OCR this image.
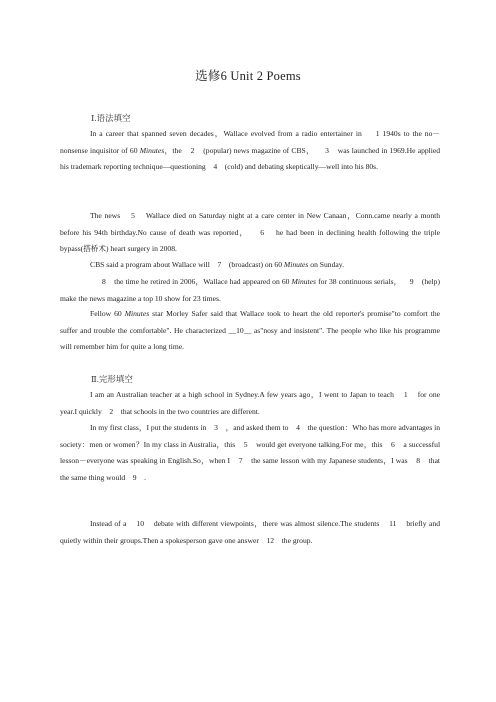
选修6 Unit 2 Poems
Ⅰ.语法填空
In a career that spanned seven decades，Wallace evolved from a radio entertainer in 1 1940s to the no－nonsense inquisitor of 60 Minutes，the 2 (popular) news magazine of CBS， 3 was launched in 1969.He applied his trademark reporting technique—questioning 4 (cold) and debating skeptically—well into his 80s.
The news 5 Wallace died on Saturday night at a care center in New Canaan，Conn.came nearly a month before his 94th birthday.No cause of death was reported， 6 he had been in declining health following the triple bypass(搭桥术) heart surgery in 2008.
CBS said a program about Wallace will 7 (broadcast) on 60 Minutes on Sunday.
8 the time he retired in 2006，Wallace had appeared on 60 Minutes for 38 continuous serials， 9 (help) make the news magazine a top 10 show for 23 times.
Fellow 60 Minutes star Morley Safer said that Wallace took to heart the old reporter's promise"to comfort the suffer and trouble the comfortable". He characterized __10__ as"nosy and insistent". The people who like his programme will remember him for quite a long time.
Ⅱ.完形填空
I am an Australian teacher at a high school in Sydney.A few years ago，I went to Japan to teach 1 for one year.I quickly 2 that schools in the two countries are different.
In my first class，I put the students in 3 ，and asked them to 4 the question：Who has more advantages in society：men or women？In my class in Australia，this 5 would get everyone talking.For me，this 6 a successful lesson－everyone was speaking in English.So，when I 7 the same lesson with my Japanese students，I was 8 that the same thing would 9 .
Instead of a 10 debate with different viewpoints，there was almost silence.The students 11 briefly and quietly within their groups.Then a spokesperson gave one answer 12 the group.
